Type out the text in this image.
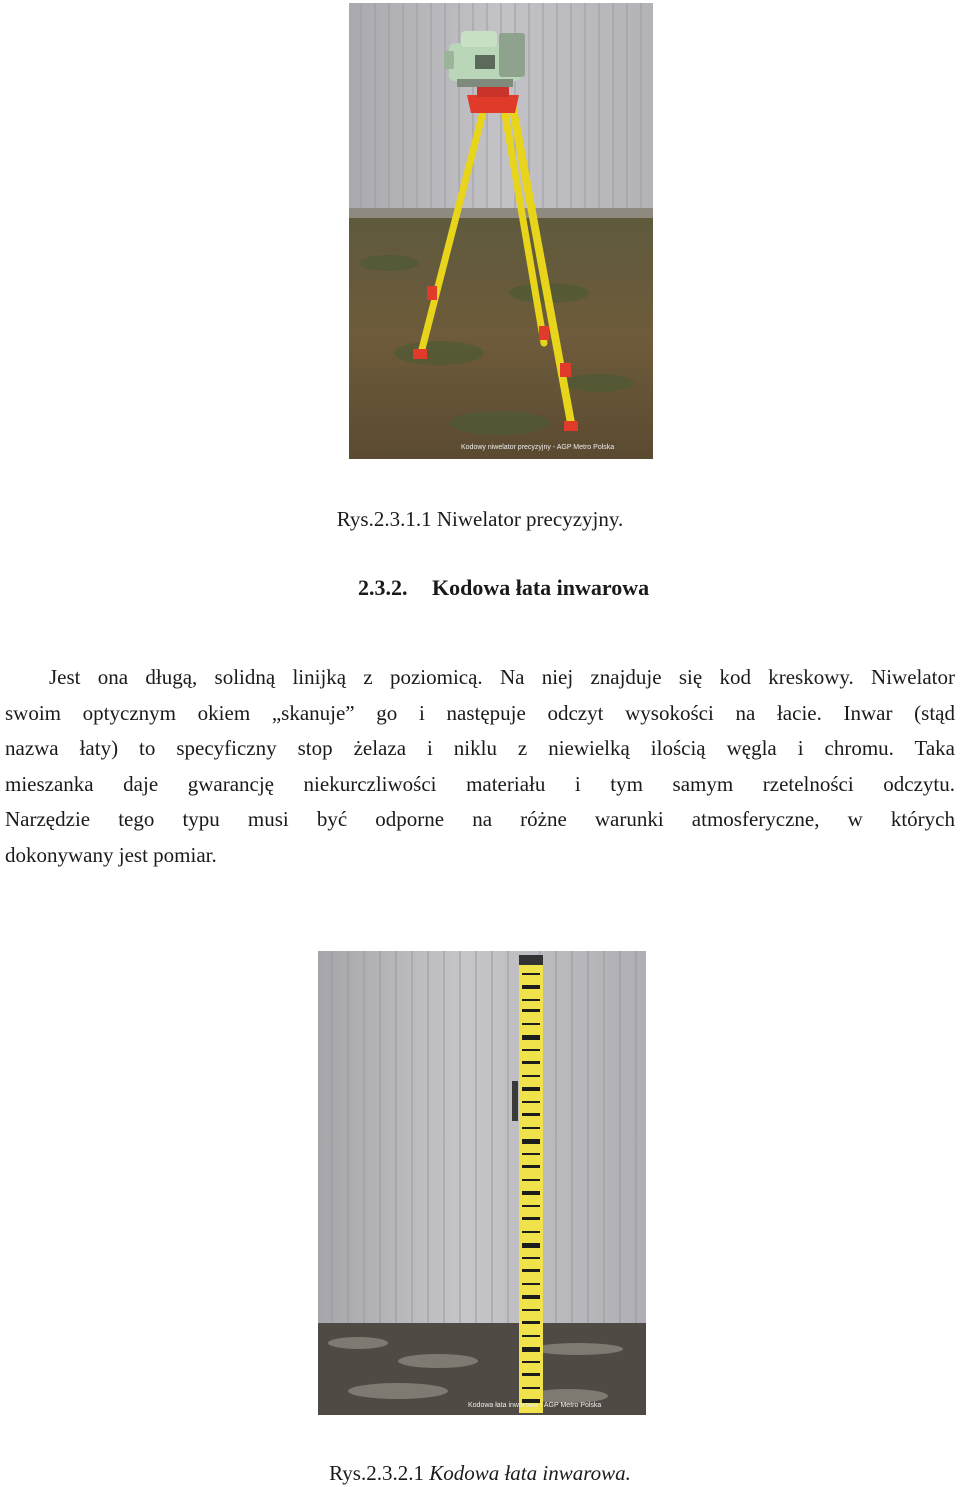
Kodowy niwelator precyzyjny - AGP Metro Polska
Rys.2.3.1.1 Niwelator precyzyjny.
2.3.2. Kodowa łata inwarowa
Jest ona długą, solidną linijką z poziomicą. Na niej znajduje się kod kreskowy. Niwelator
swoim optycznym okiem „skanuje” go i następuje odczyt wysokości na łacie. Inwar (stąd
nazwa łaty) to specyficzny stop żelaza i niklu z niewielką ilością węgla i chromu. Taka
mieszanka daje gwarancję niekurczliwości materiału i tym samym rzetelności odczytu.
Narzędzie tego typu musi być odporne na różne warunki atmosferyczne, w których
dokonywany jest pomiar.
Kodowa łata inwarowa - AGP Metro Polska
Rys.2.3.2.1 Kodowa łata inwarowa.
